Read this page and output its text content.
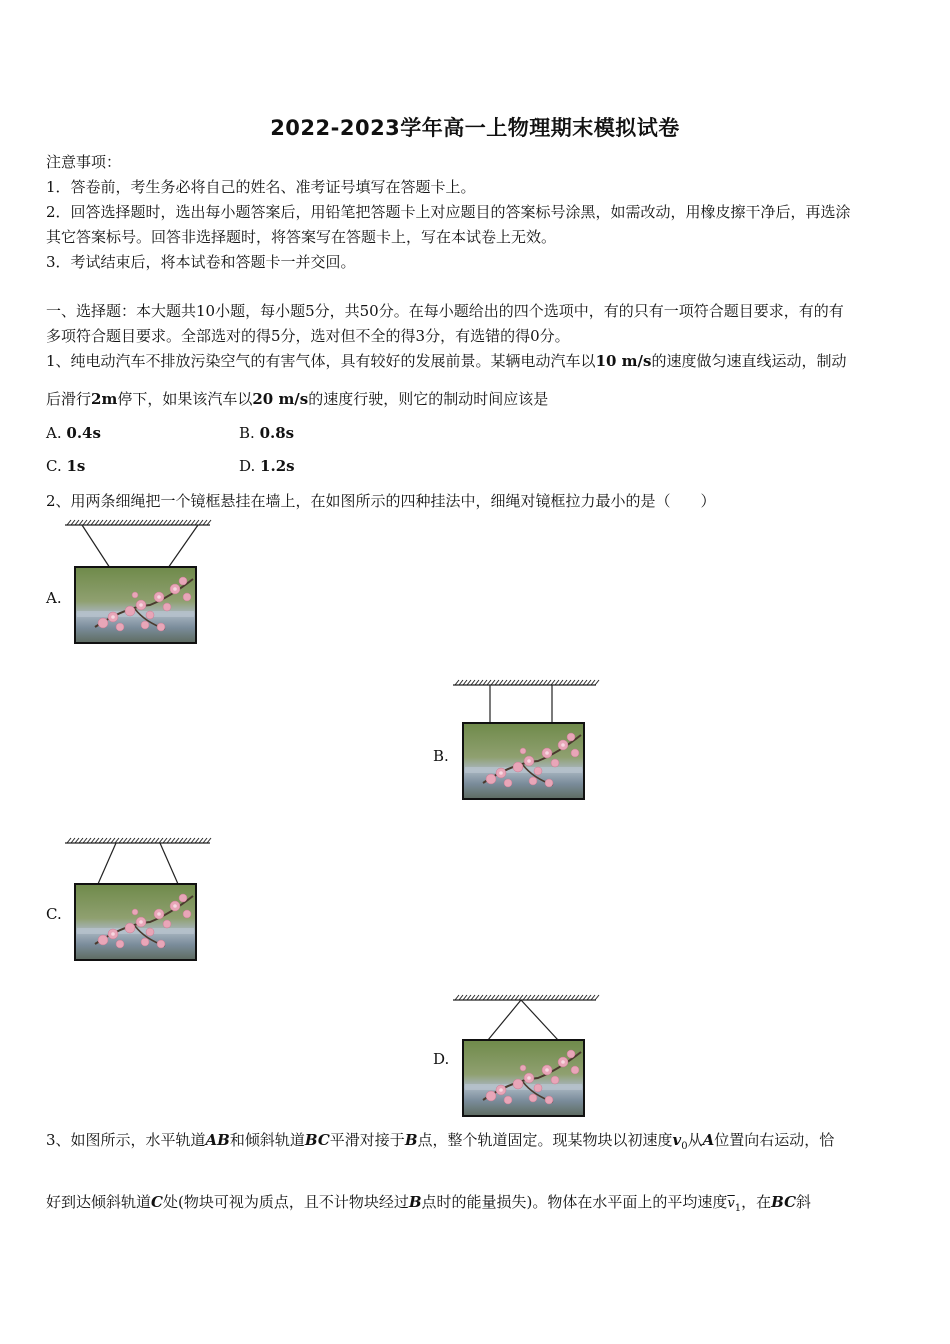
2022-2023学年高一上物理期末模拟试卷
注意事项：
1．答卷前，考生务必将自己的姓名、准考证号填写在答题卡上。
2．回答选择题时，选出每小题答案后，用铅笔把答题卡上对应题目的答案标号涂黑，如需改动，用橡皮擦干净后，再选涂
其它答案标号。回答非选择题时，将答案写在答题卡上，写在本试卷上无效。
3．考试结束后，将本试卷和答题卡一并交回。
一、选择题：本大题共10小题，每小题5分，共50分。在每小题给出的四个选项中，有的只有一项符合题目要求，有的有
多项符合题目要求。全部选对的得5分，选对但不全的得3分，有选错的得0分。
1、纯电动汽车不排放污染空气的有害气体，具有较好的发展前景。某辆电动汽车以10 m/s的速度做匀速直线运动，制动
后滑行2m停下，如果该汽车以20 m/s的速度行驶，则它的制动时间应该是
A. 0.4s	B. 0.8s
C. 1s	D. 1.2s
2、用两条细绳把一个镜框悬挂在墙上，在如图所示的四种挂法中，细绳对镜框拉力最小的是（　　）
A.
B.
C.
D.
3、如图所示，水平轨道AB和倾斜轨道BC平滑对接于B点，整个轨道固定。现某物块以初速度$v_0$从A位置向右运动，恰
好到达倾斜轨道C处(物块可视为质点，且不计物块经过B点时的能量损失)。物体在水平面上的平均速度$\overline{v}_1$，在BC斜
